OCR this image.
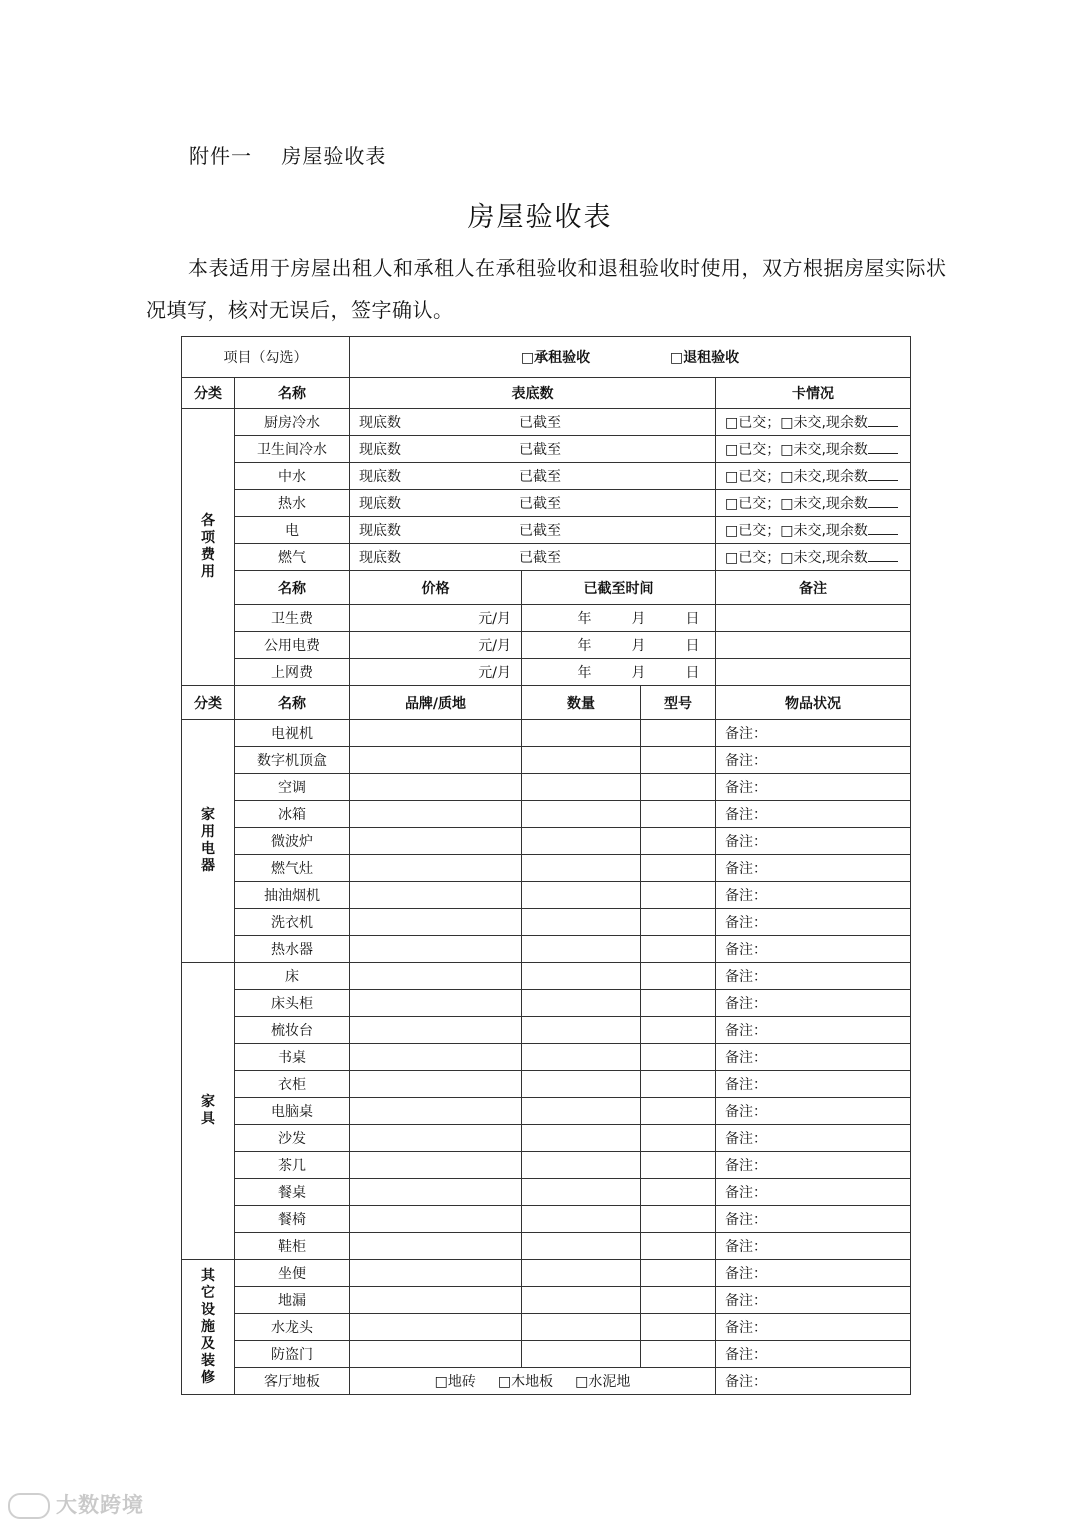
附件一    房屋验收表
房屋验收表

本表适用于房屋出租人和承租人在承租验收和退租验收时使用，双方根据房屋实际状况填写，核对无误后，签字确认。

项目（勾选）		□承租验收 □退租验收			
分类	名称	表底数			卡情况
各项费用	厨房冷水	现底数 已截至			□已交；□未交,现余数
	卫生间冷水	现底数 已截至			□已交；□未交,现余数
	中水	现底数 已截至			□已交；□未交,现余数
	热水	现底数 已截至			□已交；□未交,现余数
	电	现底数 已截至			□已交；□未交,现余数
	燃气	现底数 已截至			□已交；□未交,现余数
	名称	价格	已截至时间		备注
	卫生费	元/月	年 月 日		
	公用电费	元/月	年 月 日		
	上网费	元/月	年 月 日		
分类	名称	品牌/质地	数量	型号	物品状况
家用电器	电视机				备注：
	数字机顶盒				备注：
	空调				备注：
	冰箱				备注：
	微波炉				备注：
	燃气灶				备注：
	抽油烟机				备注：
	洗衣机				备注：
	热水器				备注：
家具	床				备注：
	床头柜				备注：
	梳妆台				备注：
	书桌				备注：
	衣柜				备注：
	电脑桌				备注：
	沙发				备注：
	茶几				备注：
	餐桌				备注：
	餐椅				备注：
	鞋柜				备注：
其它设施及装修	坐便				备注：
	地漏				备注：
	水龙头				备注：
	防盗门				备注：
	客厅地板	□地砖 □木地板 □水泥地			备注：
大数跨境
